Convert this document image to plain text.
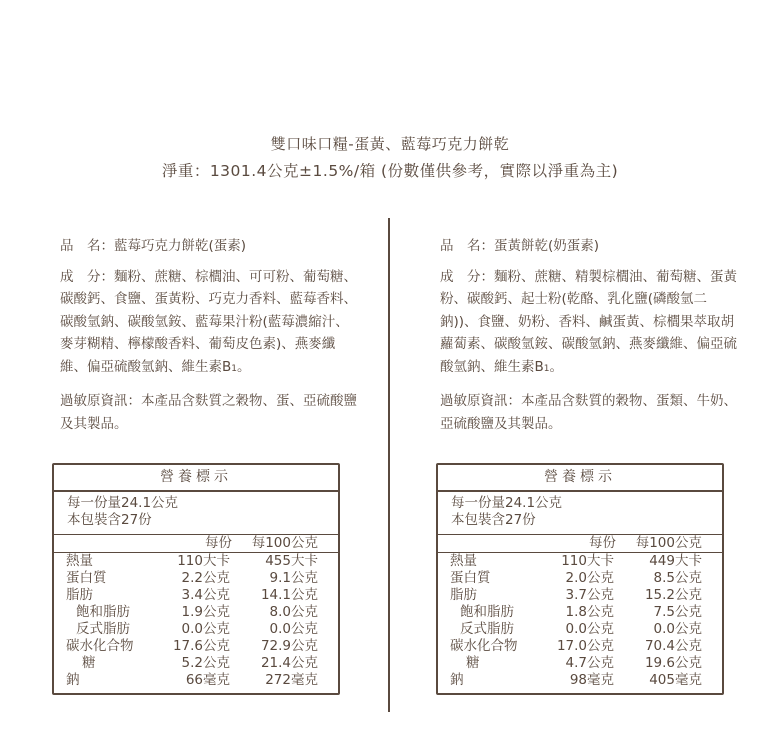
雙口味口糧-蛋黃、藍莓巧克力餅乾
淨重：1301.4公克±1.5%/箱 (份數僅供參考，實際以淨重為主)

品　名：藍莓巧克力餅乾(蛋素)

成　分：麵粉、蔗糖、棕櫚油、可可粉、葡萄糖、碳酸鈣、食鹽、蛋黃粉、巧克力香料、藍莓香料、碳酸氫鈉、碳酸氫銨、藍莓果汁粉(藍莓濃縮汁、麥芽糊精、檸檬酸香料、葡萄皮色素)、燕麥纖維、偏亞硫酸氫鈉、維生素B1。

過敏原資訊：本產品含麩質之穀物、蛋、亞硫酸鹽及其製品。

營養標示
每一份量24.1公克
本包裝含27份
每份 每100公克
熱量	110大卡	455大卡
蛋白質	2.2公克	9.1公克
脂肪	3.4公克 14.1公克
飽和脂肪	1.9公克	8.0公克
反式脂肪	0.0公克	0.0公克
碳水化合物	17.6公克 72.9公克
糖	5.2公克 21.4公克
鈉	66毫克	272毫克

品　名：蛋黃餅乾(奶蛋素)

成　分：麵粉、蔗糖、精製棕櫚油、葡萄糖、蛋黃粉、碳酸鈣、起士粉(乾酪、乳化鹽(磷酸氫二鈉))、食鹽、奶粉、香料、鹹蛋黃、棕櫚果萃取胡蘿蔔素、碳酸氫銨、碳酸氫鈉、燕麥纖維、偏亞硫酸氫鈉、維生素B1。

過敏原資訊：本產品含麩質的穀物、蛋類、牛奶、亞硫酸鹽及其製品。

營養標示
每一份量24.1公克
本包裝含27份
每份 每100公克
熱量	110大卡	449大卡
蛋白質	2.0公克	8.5公克
脂肪	3.7公克 15.2公克
飽和脂肪	1.8公克	7.5公克
反式脂肪	0.0公克	0.0公克
碳水化合物	17.0公克 70.4公克
糖	4.7公克 19.6公克
鈉	98毫克	405毫克
